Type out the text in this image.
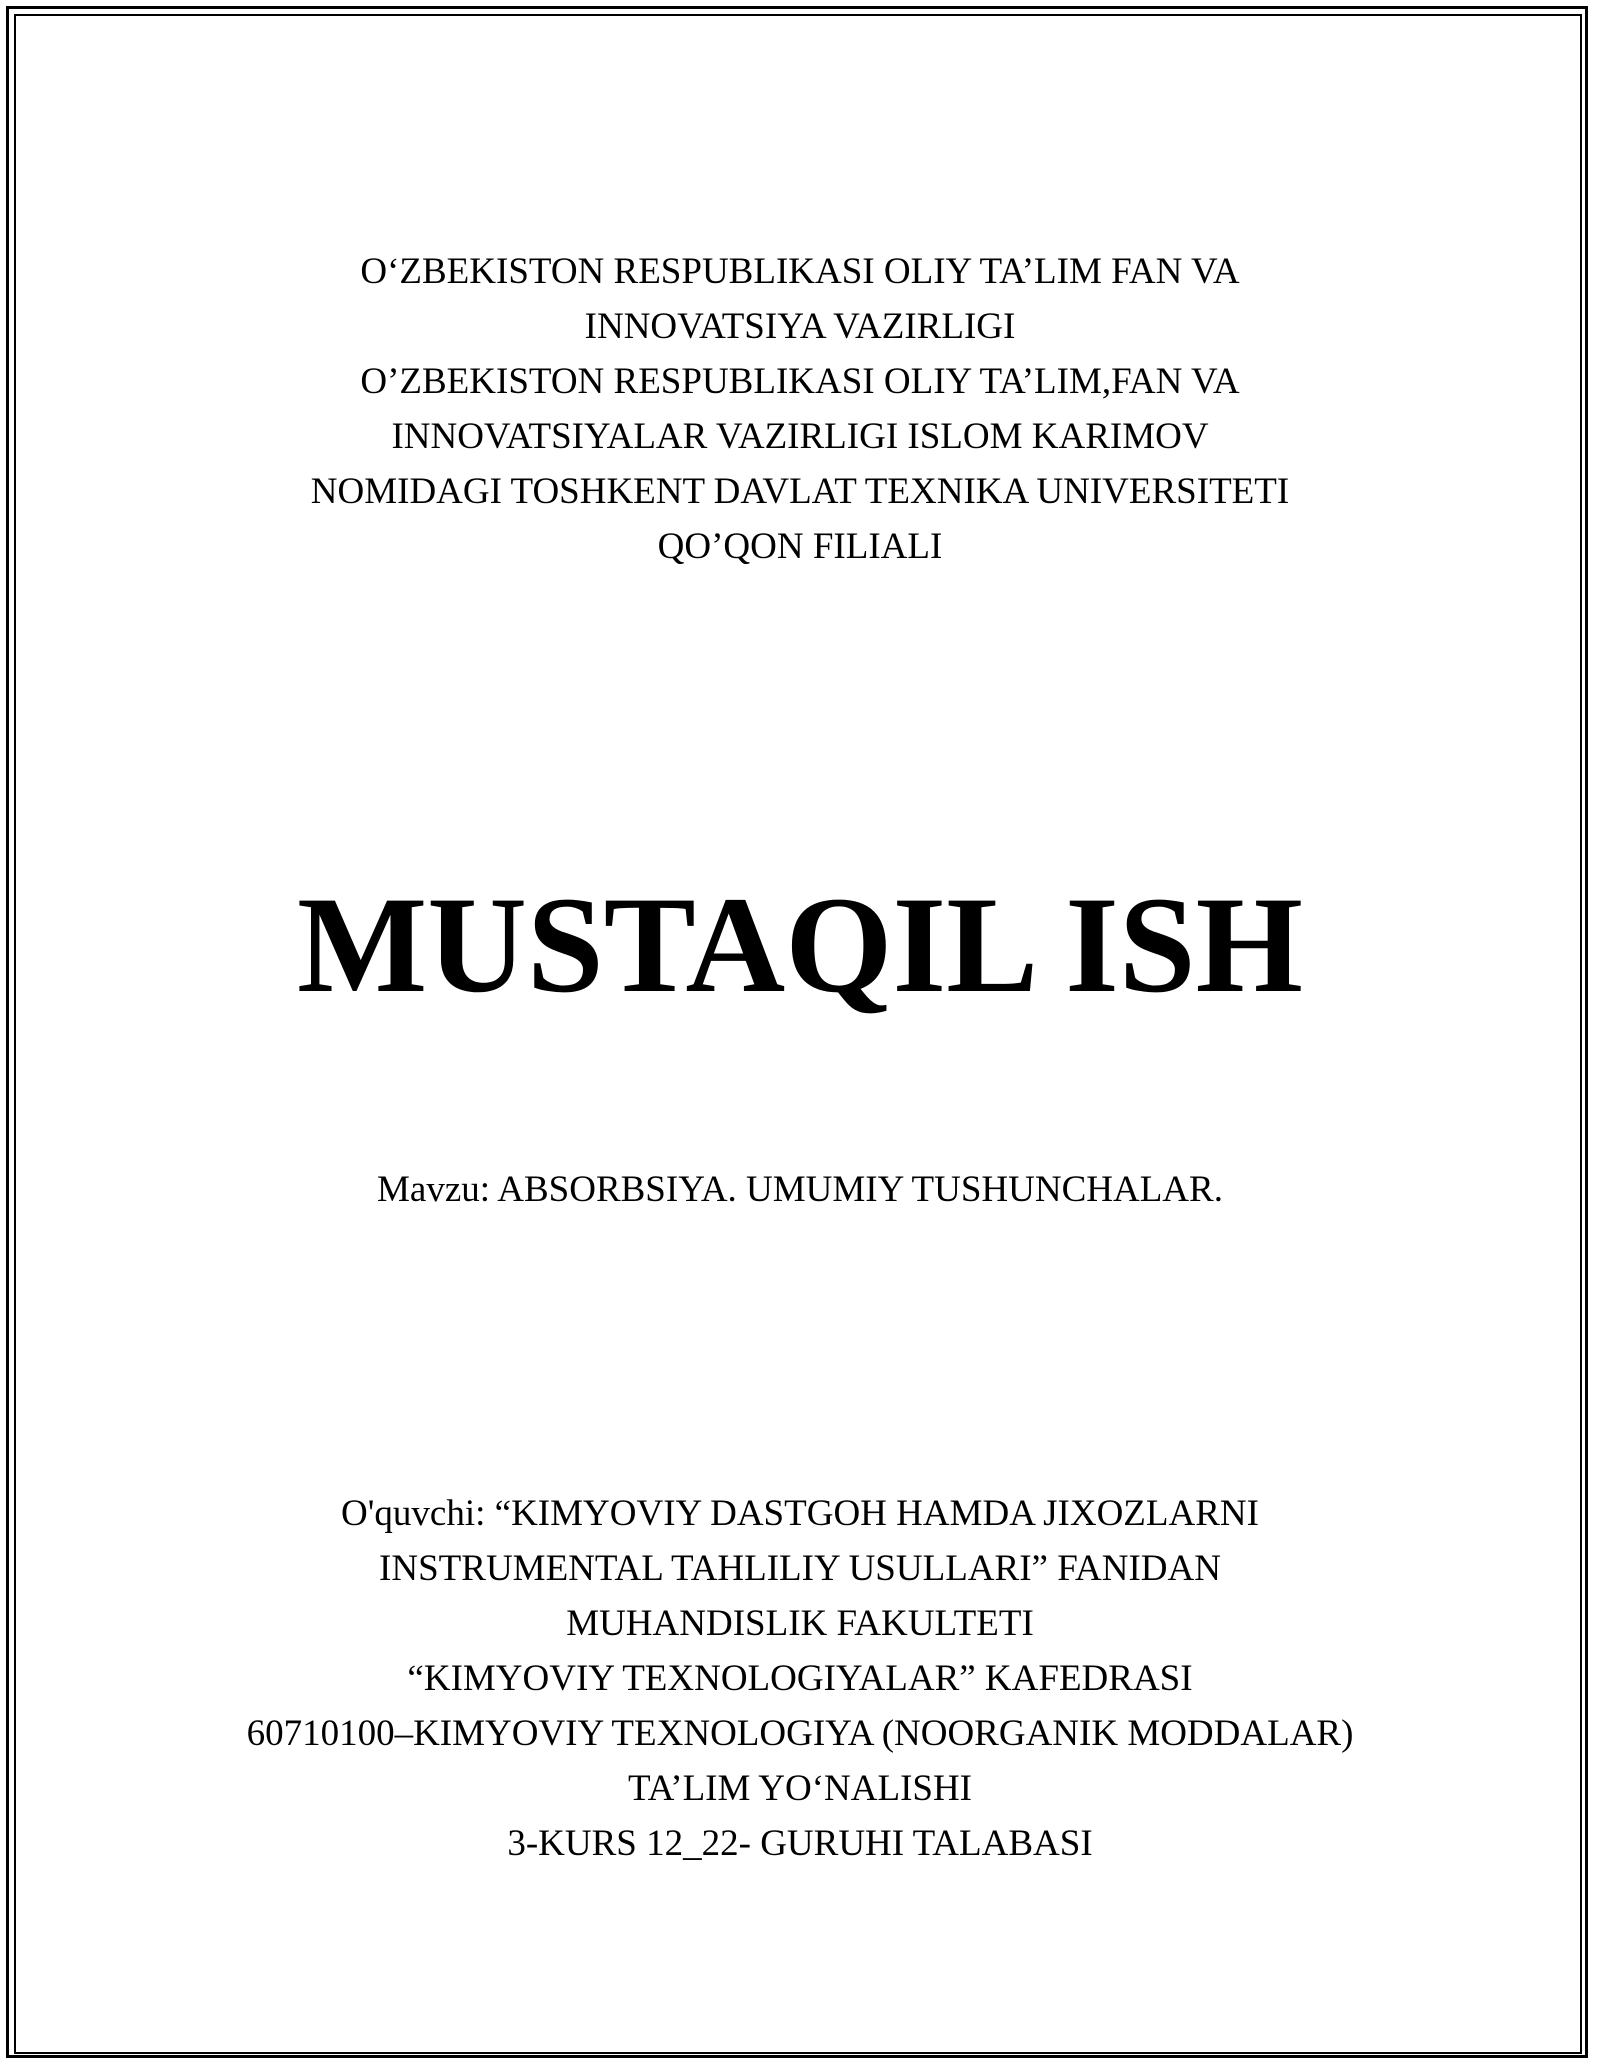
O‘ZBEKISTON RESPUBLIKASI OLIY TA’LIM FAN VA
INNOVATSIYA VAZIRLIGI
O’ZBEKISTON RESPUBLIKASI OLIY TA’LIM,FAN VA
INNOVATSIYALAR VAZIRLIGI ISLOM KARIMOV
NOMIDAGI TOSHKENT DAVLAT TEXNIKA UNIVERSITETI
QO’QON FILIALI
MUSTAQIL ISH
Mavzu: ABSORBSIYA. UMUMIY TUSHUNCHALAR.
O'quvchi: “KIMYOVIY DASTGOH HAMDA JIXOZLARNI
INSTRUMENTAL TAHLILIY USULLARI” FANIDAN
MUHANDISLIK FAKULTETI
“KIMYOVIY TEXNOLOGIYALAR” KAFEDRASI
60710100–KIMYOVIY TEXNOLOGIYA (NOORGANIK MODDALAR)
TA’LIM YO‘NALISHI
3-KURS 12_22- GURUHI TALABASI
